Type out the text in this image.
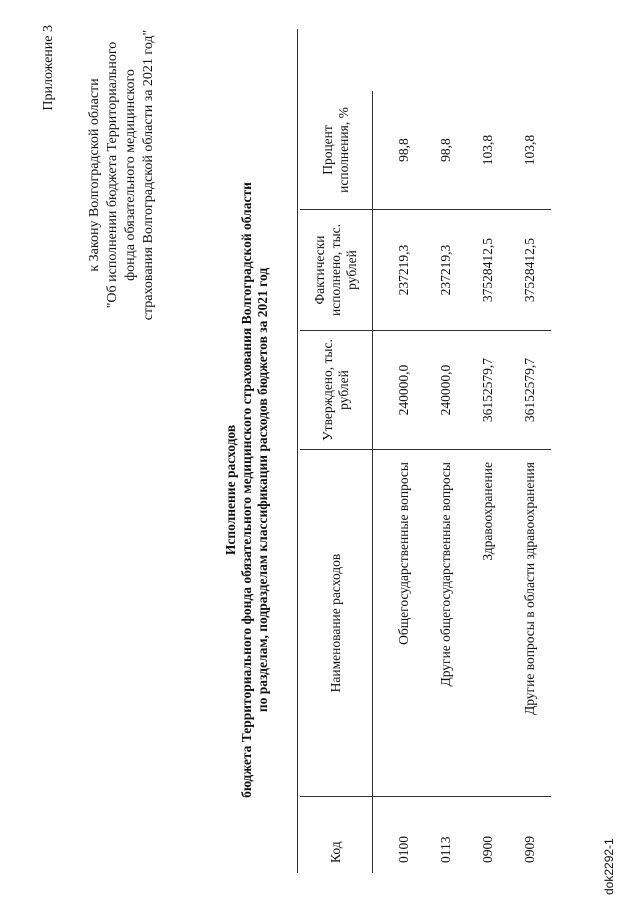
Приложение 3
к Закону Волгоградской области "Об исполнении бюджета Территориального фонда обязательного медицинского страхования Волгоградской области за 2021 год"
Исполнение расходов бюджета Территориального фонда обязательного медицинского страхования Волгоградской области по разделам, подразделам классификации расходов бюджетов за 2021 год
Код	Наименование расходов	Утверждено, тыс. рублей	Фактически исполнено, тыс. рублей	Процент исполнения, %
0100	Общегосударственные вопросы	240000,0	237219,3	98,8
0113	Другие общегосударственные вопросы	240000,0	237219,3	98,8
0900	Здравоохранение	36152579,7	37528412,5	103,8
0909	Другие вопросы в области здравоохранения	36152579,7	37528412,5	103,8
dok2292-1
